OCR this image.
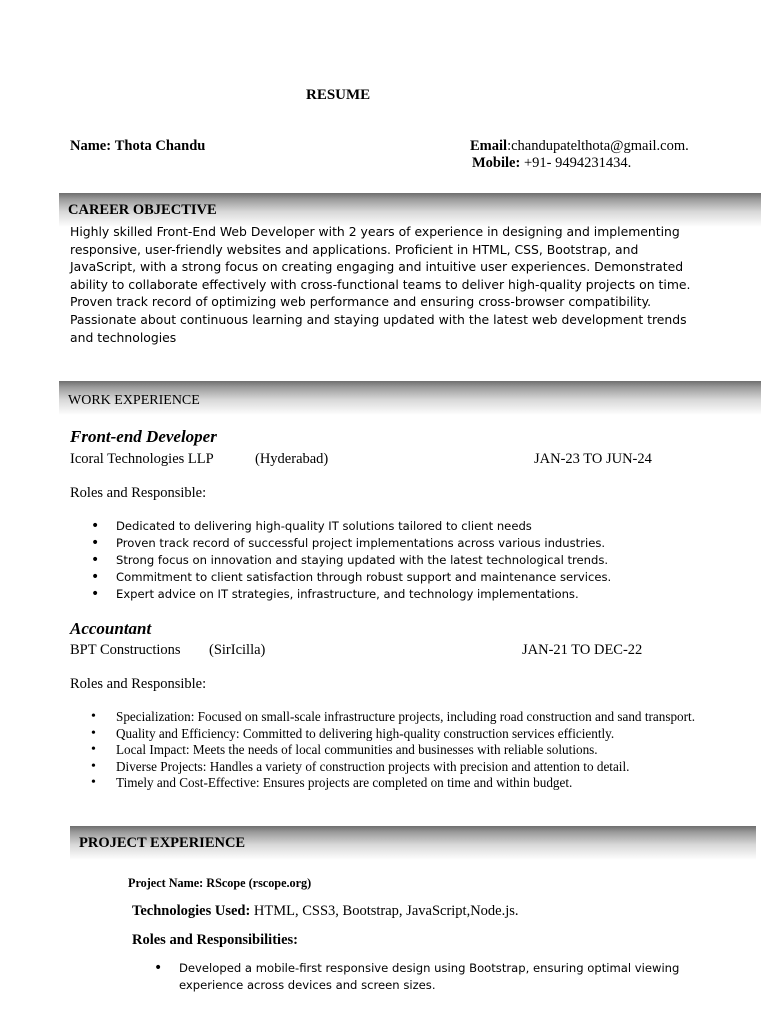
RESUME
Name: Thota Chandu	Email:chandupatelthota@gmail.com.
Mobile: +91- 9494231434.
CAREER OBJECTIVE
Highly skilled Front-End Web Developer with 2 years of experience in designing and implementing
responsive, user-friendly websites and applications. Proficient in HTML, CSS, Bootstrap, and
JavaScript, with a strong focus on creating engaging and intuitive user experiences. Demonstrated
ability to collaborate effectively with cross-functional teams to deliver high-quality projects on time.
Proven track record of optimizing web performance and ensuring cross-browser compatibility.
Passionate about continuous learning and staying updated with the latest web development trends
and technologies
WORK EXPERIENCE
Front-end Developer
Icoral Technologies LLP	(Hyderabad)	JAN-23 TO JUN-24
Roles and Responsible:
• Dedicated to delivering high-quality IT solutions tailored to client needs
• Proven track record of successful project implementations across various industries.
• Strong focus on innovation and staying updated with the latest technological trends.
• Commitment to client satisfaction through robust support and maintenance services.
• Expert advice on IT strategies, infrastructure, and technology implementations.
Accountant
BPT Constructions (SirIcilla)	JAN-21 TO DEC-22
Roles and Responsible:
• Specialization: Focused on small-scale infrastructure projects, including road construction and sand transport.
• Quality and Efficiency: Committed to delivering high-quality construction services efficiently.
• Local Impact: Meets the needs of local communities and businesses with reliable solutions.
• Diverse Projects: Handles a variety of construction projects with precision and attention to detail.
• Timely and Cost-Effective: Ensures projects are completed on time and within budget.
PROJECT EXPERIENCE
Project Name: RScope (rscope.org)
Technologies Used: HTML, CSS3, Bootstrap, JavaScript,Node.js.
Roles and Responsibilities:
• Developed a mobile-first responsive design using Bootstrap, ensuring optimal viewing experience across devices and screen sizes.
